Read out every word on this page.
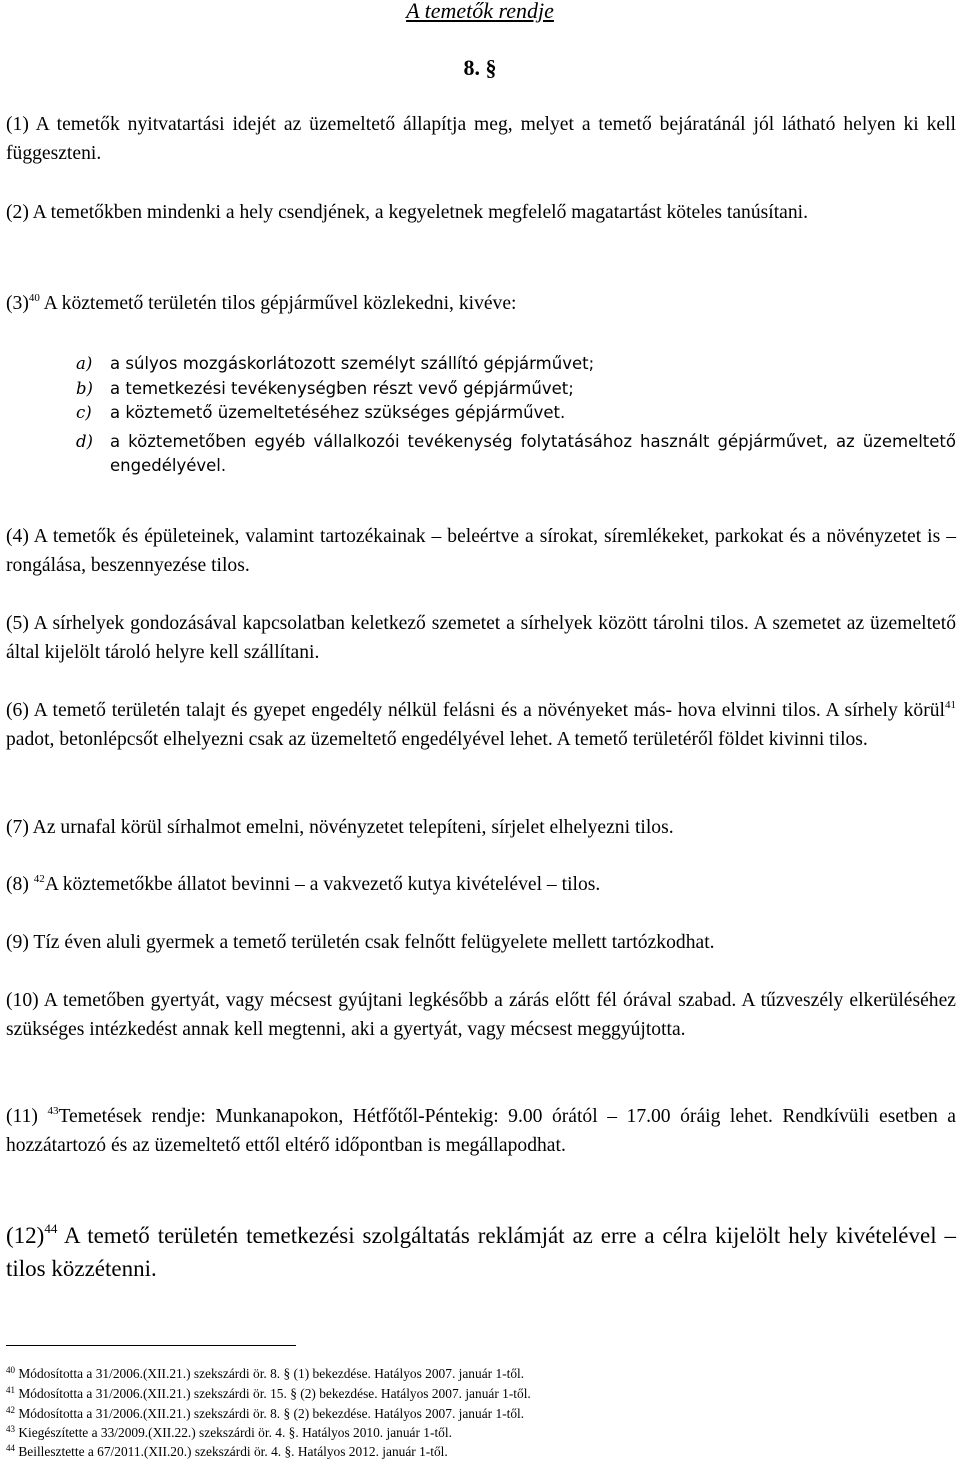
A temetők rendje
8. §
(1) A temetők nyitvatartási idejét az üzemeltető állapítja meg, melyet a temető bejáratánál jól látható helyen ki kell függeszteni.
(2) A temetőkben mindenki a hely csendjének, a kegyeletnek megfelelő magatartást köteles tanúsítani.
$(3)^{40}$ A köztemető területén tilos gépjárművel közlekedni, kivéve:
a)	a súlyos mozgáskorlátozott személyt szállító gépjárművet;
b)	a temetkezési tevékenységben részt vevő gépjárművet;
c)	a köztemető üzemeltetéséhez szükséges gépjárművet.
d)	a köztemetőben egyéb vállalkozói tevékenység folytatásához használt gépjárművet, az üzemeltető engedélyével.
(4) A temetők és épületeinek, valamint tartozékainak – beleértve a sírokat, síremlékeket, parkokat és a növényzetet is – rongálása, beszennyezése tilos.
(5) A sírhelyek gondozásával kapcsolatban keletkező szemetet a sírhelyek között tárolni tilos. A szemetet az üzemeltető által kijelölt tároló helyre kell szállítani.
(6) A temető területén talajt és gyepet engedély nélkül felásni és a növényeket más- hova elvinni tilos. A sírhely körül$^{41}$ padot, betonlépcsőt elhelyezni csak az üzemeltető engedélyével lehet. A temető területéről földet kivinni tilos.
(7) Az urnafal körül sírhalmot emelni, növényzetet telepíteni, sírjelet elhelyezni tilos.
(8) $^{42}$A köztemetőkbe állatot bevinni – a vakvezető kutya kivételével – tilos.
(9) Tíz éven aluli gyermek a temető területén csak felnőtt felügyelete mellett tartózkodhat.
(10) A temetőben gyertyát, vagy mécsest gyújtani legkésőbb a zárás előtt fél órával szabad. A tűzveszély elkerüléséhez szükséges intézkedést annak kell megtenni, aki a gyertyát, vagy mécsest meggyújtotta.
(11) $^{43}$Temetések rendje: Munkanapokon, Hétfőtől-Péntekig: 9.00 órától – 17.00 óráig lehet. Rendkívüli esetben a hozzátartozó és az üzemeltető ettől eltérő időpontban is megállapodhat.
$(12)^{44}$ A temető területén temetkezési szolgáltatás reklámját az erre a célra kijelölt hely kivételével – tilos közzétenni.
$^{40}$ Módosította a 31/2006.(XII.21.) szekszárdi ör. 8. § (1) bekezdése. Hatályos 2007. január 1-től.
$^{41}$ Módosította a 31/2006.(XII.21.) szekszárdi ör. 15. § (2) bekezdése. Hatályos 2007. január 1-től.
$^{42}$ Módosította a 31/2006.(XII.21.) szekszárdi ör. 8. § (2) bekezdése. Hatályos 2007. január 1-től.
$^{43}$ Kiegészítette a 33/2009.(XII.22.) szekszárdi ör. 4. §. Hatályos 2010. január 1-től.
$^{44}$ Beillesztette a 67/2011.(XII.20.) szekszárdi ör. 4. §. Hatályos 2012. január 1-től.
